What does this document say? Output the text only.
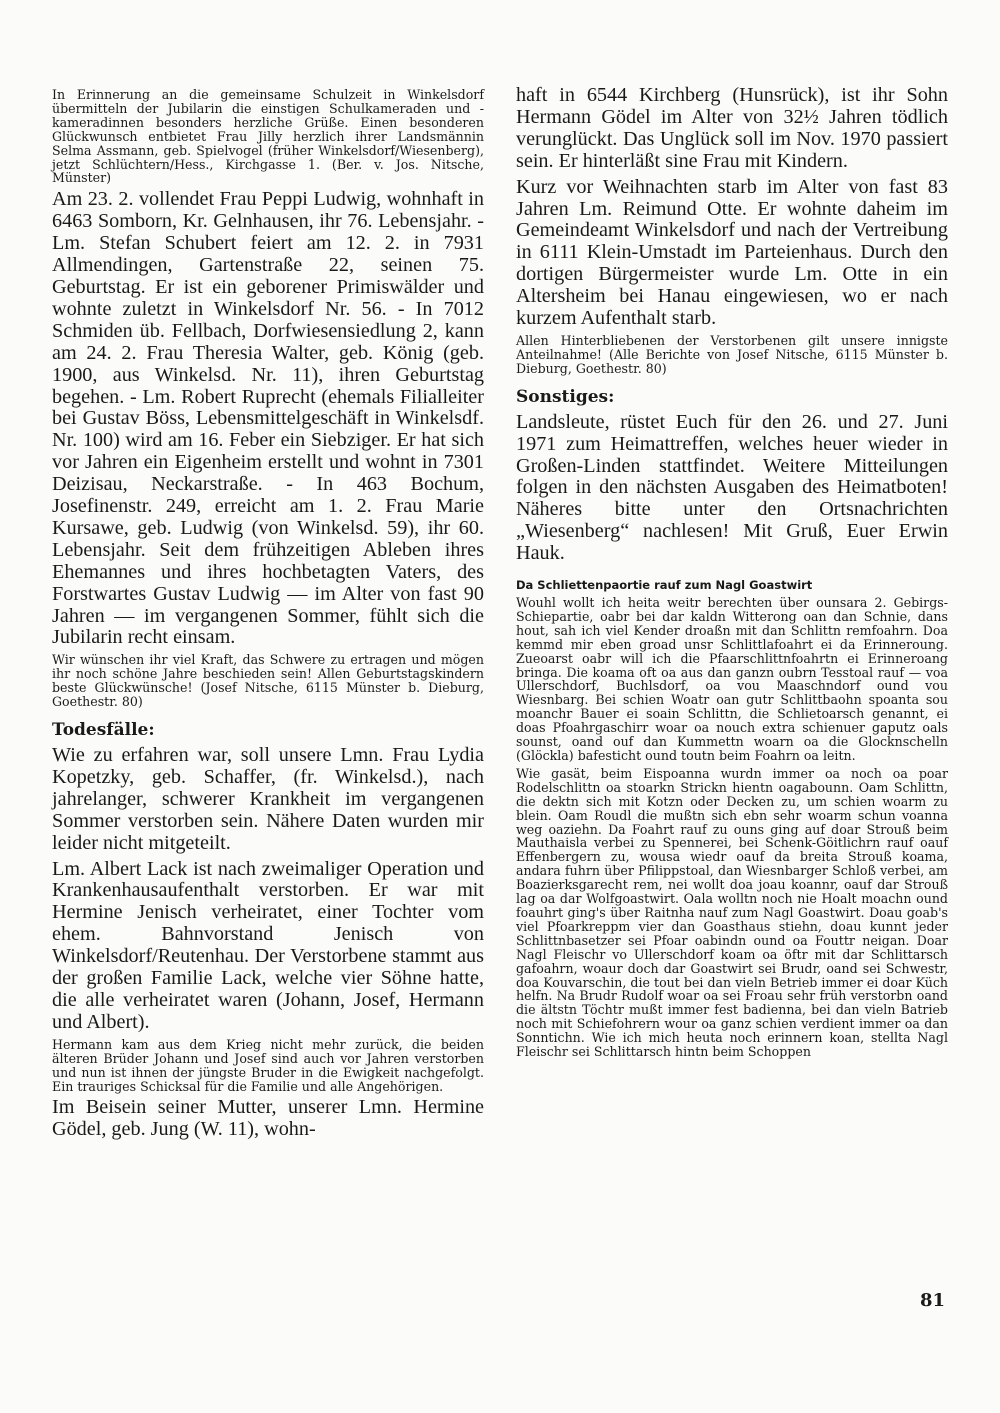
In Erinnerung an die gemeinsame Schulzeit in Winkelsdorf übermitteln der Jubilarin die einstigen Schulkameraden und -kameradinnen besonders herzliche Grüße. Einen besonderen Glückwunsch entbietet Frau Jilly herzlich ihrer Landsmännin Selma Assmann, geb. Spielvogel (früher Winkelsdorf/Wiesenberg), jetzt Schlüchtern/Hess., Kirchgasse 1. (Ber. v. Jos. Nitsche, Münster)

Am 23. 2. vollendet Frau Peppi Ludwig, wohnhaft in 6463 Somborn, Kr. Gelnhausen, ihr 76. Lebensjahr. - Lm. Stefan Schubert feiert am 12. 2. in 7931 Allmendingen, Gartenstraße 22, seinen 75. Geburtstag. Er ist ein geborener Primiswälder und wohnte zuletzt in Winkelsdorf Nr. 56. - In 7012 Schmiden üb. Fellbach, Dorfwiesensiedlung 2, kann am 24. 2. Frau Theresia Walter, geb. König (geb. 1900, aus Winkelsd. Nr. 11), ihren Geburtstag begehen. - Lm. Robert Ruprecht (ehemals Filialleiter bei Gustav Böss, Lebensmittelgeschäft in Winkelsdf. Nr. 100) wird am 16. Feber ein Siebziger. Er hat sich vor Jahren ein Eigenheim erstellt und wohnt in 7301 Deizisau, Neckarstraße. - In 463 Bochum, Josefinenstr. 249, erreicht am 1. 2. Frau Marie Kursawe, geb. Ludwig (von Winkelsd. 59), ihr 60. Lebensjahr. Seit dem frühzeitigen Ableben ihres Ehemannes und ihres hochbetagten Vaters, des Forstwartes Gustav Ludwig — im Alter von fast 90 Jahren — im vergangenen Sommer, fühlt sich die Jubilarin recht einsam.

Wir wünschen ihr viel Kraft, das Schwere zu ertragen und mögen ihr noch schöne Jahre beschieden sein! Allen Geburtstagskindern beste Glückwünsche! (Josef Nitsche, 6115 Münster b. Dieburg, Goethestr. 80)

Todesfälle:

Wie zu erfahren war, soll unsere Lmn. Frau Lydia Kopetzky, geb. Schaffer, (fr. Winkelsd.), nach jahrelanger, schwerer Krankheit im vergangenen Sommer verstorben sein. Nähere Daten wurden mir leider nicht mitgeteilt.

Lm. Albert Lack ist nach zweimaliger Operation und Krankenhausaufenthalt verstorben. Er war mit Hermine Jenisch verheiratet, einer Tochter vom ehem. Bahnvorstand Jenisch von Winkelsdorf/Reutenhau. Der Verstorbene stammt aus der großen Familie Lack, welche vier Söhne hatte, die alle verheiratet waren (Johann, Josef, Hermann und Albert).

Hermann kam aus dem Krieg nicht mehr zurück, die beiden älteren Brüder Johann und Josef sind auch vor Jahren verstorben und nun ist ihnen der jüngste Bruder in die Ewigkeit nachgefolgt. Ein trauriges Schicksal für die Familie und alle Angehörigen.

Im Beisein seiner Mutter, unserer Lmn. Hermine Gödel, geb. Jung (W. 11), wohn-

haft in 6544 Kirchberg (Hunsrück), ist ihr Sohn Hermann Gödel im Alter von 32½ Jahren tödlich verunglückt. Das Unglück soll im Nov. 1970 passiert sein. Er hinterläßt sine Frau mit Kindern.

Kurz vor Weihnachten starb im Alter von fast 83 Jahren Lm. Reimund Otte. Er wohnte daheim im Gemeindeamt Winkelsdorf und nach der Vertreibung in 6111 Klein-Umstadt im Parteienhaus. Durch den dortigen Bürgermeister wurde Lm. Otte in ein Altersheim bei Hanau eingewiesen, wo er nach kurzem Aufenthalt starb.

Allen Hinterbliebenen der Verstorbenen gilt unsere innigste Anteilnahme! (Alle Berichte von Josef Nitsche, 6115 Münster b. Dieburg, Goethestr. 80)

Sonstiges:

Landsleute, rüstet Euch für den 26. und 27. Juni 1971 zum Heimattreffen, welches heuer wieder in Großen-Linden stattfindet. Weitere Mitteilungen folgen in den nächsten Ausgaben des Heimatboten! Näheres bitte unter den Ortsnachrichten „Wiesenberg“ nachlesen! Mit Gruß, Euer Erwin Hauk.

Da Schliettenpaortie rauf zum Nagl Goastwirt

Wouhl wollt ich heita weitr berechten über ounsara 2. Gebirgs-Schiepartie, oabr bei dar kaldn Witterong oan dan Schnie, dans hout, sah ich viel Kender droaßn mit dan Schlittn remfoahrn. Doa kemmd mir eben groad unsr Schlittlafoahrt ei da Erinneroung. Zueoarst oabr will ich die Pfaarschlittnfoahrtn ei Erinneroang bringa. Die koama oft oa aus dan ganzn oubrn Tesstoal rauf — voa Ullerschdorf, Buchlsdorf, oa vou Maaschndorf ound vou Wiesnbarg. Bei schien Woatr oan gutr Schlittbaohn spoanta sou moanchr Bauer ei soain Schlittn, die Schlietoarsch genannt, ei doas Pfoahrgaschirr woar oa nouch extra schienuer gaputz oals sounst, oand ouf dan Kummettn woarn oa die Glocknschelln (Glöckla) bafesticht ound toutn beim Foahrn oa leitn.

Wie gasät, beim Eispoanna wurdn immer oa noch oa poar Rodelschlittn oa stoarkn Strickn hientn oagabounn. Oam Schlittn, die dektn sich mit Kotzn oder Decken zu, um schien woarm zu blein. Oam Roudl die mußtn sich ebn sehr woarm schun voanna weg oaziehn. Da Foahrt rauf zu ouns ging auf doar Strouß beim Mauthaisla verbei zu Spennerei, bei Schenk-Göitlichrn rauf oauf Effenbergern zu, wousa wiedr oauf da breita Strouß koama, andara fuhrn über Pfilippstoal, dan Wiesnbarger Schloß verbei, am Boazierksgarecht rem, nei wollt doa joau koannr, oauf dar Strouß lag oa dar Wolfgoastwirt. Oala wolltn noch nie Hoalt moachn ound foauhrt ging's über Raitnha nauf zum Nagl Goastwirt. Doau goab's viel Pfoarkreppm vier dan Goasthaus stiehn, doau kunnt jeder Schlittnbasetzer sei Pfoar oabindn ound oa Fouttr neigan. Doar Nagl Fleischr vo Ullerschdorf koam oa öftr mit dar Schlittarsch gafoahrn, woaur doch dar Goastwirt sei Brudr, oand sei Schwestr, doa Kouvarschin, die tout bei dan vieln Betrieb immer ei doar Küch helfn. Na Brudr Rudolf woar oa sei Froau sehr früh verstorbn oand die ältstn Töchtr mußt immer fest badienna, bei dan vieln Batrieb noch mit Schiefohrern wour oa ganz schien verdient immer oa dan Sonntichn. Wie ich mich heuta noch erinnern koan, stellta Nagl Fleischr sei Schlittarsch hintn beim Schoppen

81
